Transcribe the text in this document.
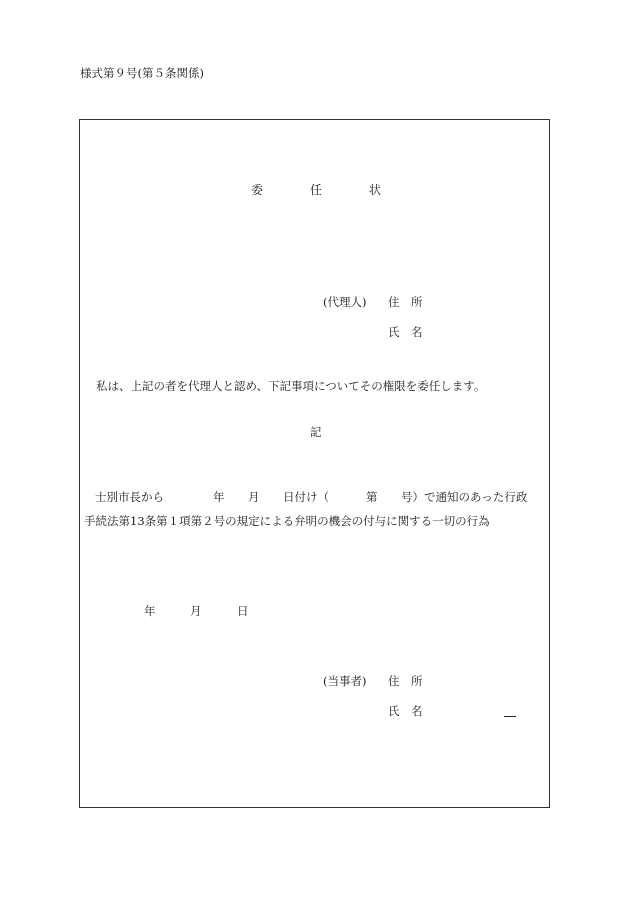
様式第９号(第５条関係)
委	任	状
(代理人) 住　所
氏　名
私は、上記の者を代理人と認め、下記事項についてその権限を委任します。
記
士別市長から	年 月 日付け（	第 号）で通知のあった行政
手続法第13条第１項第２号の規定による弁明の機会の付与に関する一切の行為
年	月	日
(当事者) 住　所
氏　名
